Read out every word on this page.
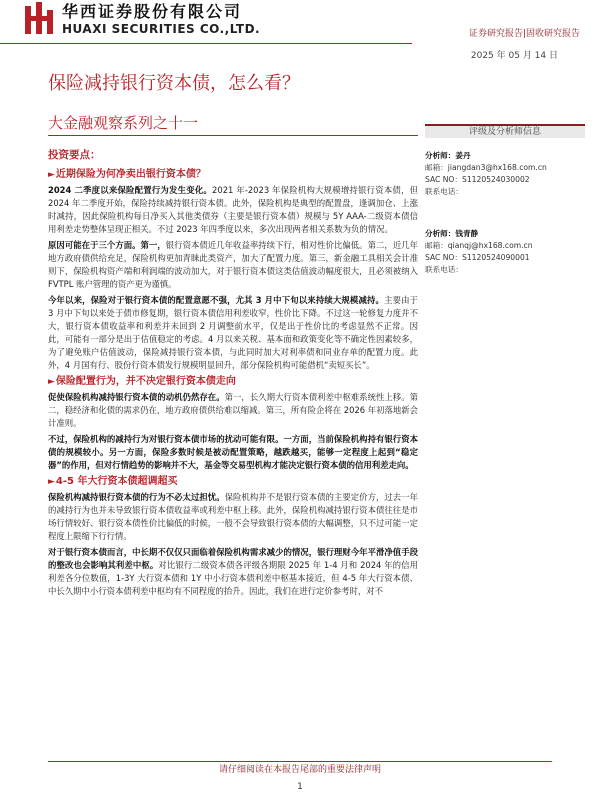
华西证券股份有限公司
HUAXI SECURITIES CO.,LTD.	证券研究报告|固收研究报告
2025 年 05 月 14 日
保险减持银行资本债，怎么看？
大金融观察系列之十一
投资要点：
►近期保险为何净卖出银行资本债？

2024 二季度以来保险配置行为发生变化。2021 年-2023 年保险机构大规模增持银行资本债，但 2024 年二季度开始，保险持续减持银行资本债。此外，保险机构是典型的配置盘，逢调加仓、上涨时减持，因此保险机构每日净买入其他类债券（主要是银行资本债）规模与 5Y AAA-二级资本债信用利差走势整体呈现正相关。不过 2023 年四季度以来，多次出现两者相关系数为负的情况。

原因可能在于三个方面。第一，银行资本债近几年收益率持续下行，相对性价比偏低。第二，近几年地方政府债供给充足，保险机构更加青睐此类资产，加大了配置力度。第三，新金融工具相关会计准则下，保险机构资产端和利润端的波动加大，对于银行资本债这类估值波动幅度很大，且必须被纳入 FVTPL 账户管理的资产更为谨慎。

今年以来，保险对于银行资本债的配置意愿不强，尤其 3 月中下旬以来持续大规模减持。主要由于 3 月中下旬以来处于债市修复期，银行资本债信用利差收窄，性价比下降。不过这一轮修复力度并不大，银行资本债收益率和利差并未回到 2 月调整前水平，仅是出于性价比的考虑显然不正常。因此，可能有一部分是出于估值稳定的考虑。4 月以来关税、基本面和政策变化等不确定性因素较多，为了避免账户估值波动，保险减持银行资本债，与此同时加大对利率债和同业存单的配置力度。此外，4 月国有行、股份行资本债发行规模明显回升，部分保险机构可能借机“卖短买长”。

►保险配置行为，并不决定银行资本债走向

促使保险机构减持银行资本债的动机仍然存在。第一，长久期大行资本债利差中枢难系统性上移。第二，稳经济和化债的需求仍在，地方政府债供给难以缩减。第三，所有险企将在 2026 年初落地新会计准则。

不过，保险机构的减持行为对银行资本债市场的扰动可能有限。一方面，当前保险机构持有银行资本债的规模较小。另一方面，保险多数时候是被动配置策略，越跌越买，能够一定程度上起到“稳定器”的作用，但对行情趋势的影响并不大，基金等交易型机构才能决定银行资本债的信用利差走向。

►4-5 年大行资本债超调超买

保险机构减持银行资本债的行为不必太过担忧。保险机构并不是银行资本债的主要定价方，过去一年的减持行为也并未导致银行资本债收益率或利差中枢上移。此外，保险机构减持银行资本债往往是市场行情较好、银行资本债性价比偏低的时候，一般不会导致银行资本债的大幅调整，只不过可能一定程度上限缩下行行情。

对于银行资本债而言，中长期不仅仅只面临着保险机构需求减少的情况，银行理财今年平滑净值手段的整改也会影响其利差中枢。对比银行二级资本债各评级各期限 2025 年 1-4 月和 2024 年的信用利差各分位数值，1-3Y 大行资本债和 1Y 中小行资本债利差中枢基本接近，但 4-5 年大行资本债、中长久期中小行资本债利差中枢均有不同程度的抬升。因此，我们在进行定价参考时，对不

评级及分析师信息
分析师：姜丹
邮箱：jiangdan3@hx168.com.cn
SAC NO：S1120524030002
联系电话：
分析师：钱青静
邮箱：qianqj@hx168.com.cn
SAC NO：S1120524090001
联系电话：
请仔细阅读在本报告尾部的重要法律声明
1
